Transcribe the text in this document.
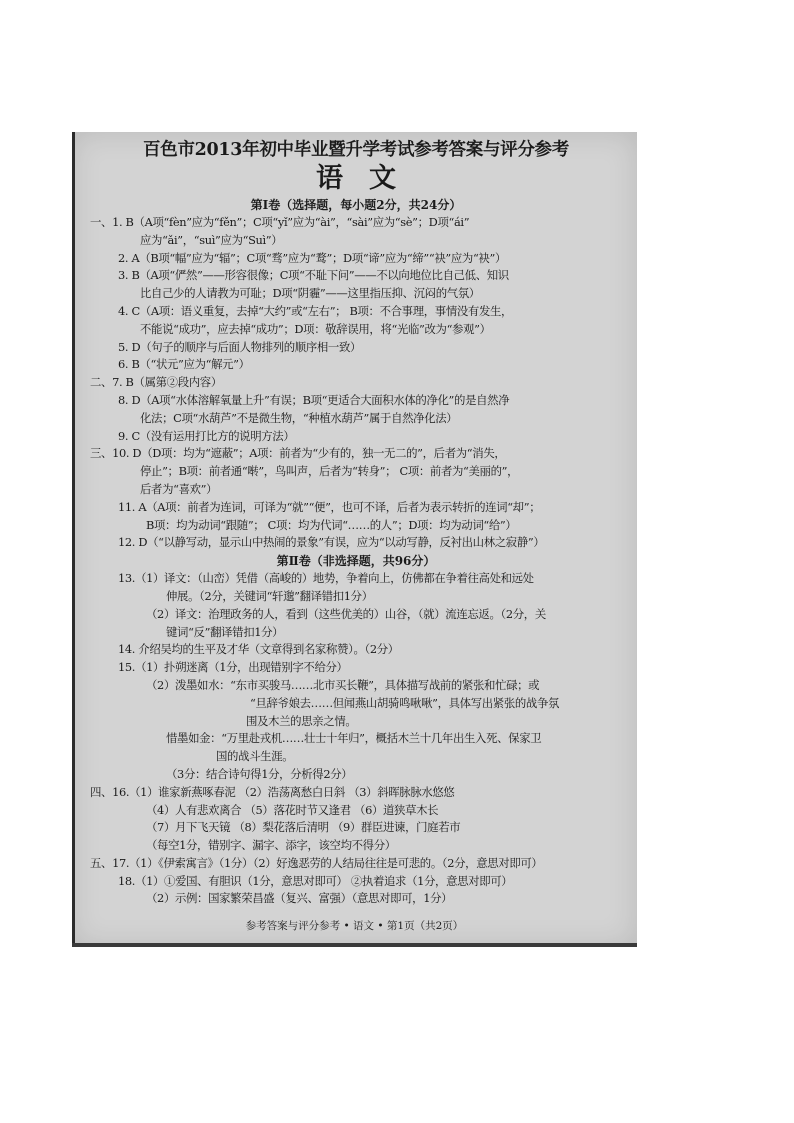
百色市2013年初中毕业暨升学考试参考答案与评分参考
语文
第Ⅰ卷（选择题，每小题2分，共24分）
一、1. B（A项“fèn”应为“fěn”；C项“yǐ”应为“ài”，“sài”应为“sè”；D项“ái”
应为“ǎi”，“suì”应为“Suì”）
2. A（B项“幅”应为“辐”；C项“骛”应为“鹜”；D项“谛”应为“缔”“袂”应为“袂”）
3. B（A项“俨然”——形容很像；C项“不耻下问”——不以向地位比自己低、知识
比自己少的人请教为可耻；D项“阴霾”——这里指压抑、沉闷的气氛）
4. C（A项：语义重复，去掉“大约”或“左右”； B项：不合事理，事情没有发生，
不能说“成功”，应去掉“成功”；D项：敬辞误用，将“光临”改为“参观”）
5. D（句子的顺序与后面人物排列的顺序相一致）
6. B（“状元”应为“解元”）
二、7. B（属第②段内容）
8. D（A项“水体溶解氧量上升”有误；B项“更适合大面积水体的净化”的是自然净
化法；C项“水葫芦”不是微生物，“种植水葫芦”属于自然净化法）
9. C（没有运用打比方的说明方法）
三、10. D（D项：均为“遮蔽”；A项：前者为“少有的，独一无二的”，后者为“消失，
停止”；B项：前者通“啭”，鸟叫声，后者为“转身”； C项：前者为“美丽的”，
后者为“喜欢”）
11. A（A项：前者为连词，可译为“就”“便”，也可不译，后者为表示转折的连词“却”；
B项：均为动词“跟随”； C项：均为代词“……的人”；D项：均为动词“给”）
12. D（“以静写动，显示山中热闹的景象”有误，应为“以动写静，反衬出山林之寂静”）
第Ⅱ卷（非选择题，共96分）
13.（1）译文：（山峦）凭借（高峻的）地势，争着向上，仿佛都在争着往高处和远处
伸展。（2分，关键词“轩邈”翻译错扣1分）
（2）译文：治理政务的人，看到（这些优美的）山谷，（就）流连忘返。（2分，关
键词“反”翻译错扣1分）
14. 介绍吴均的生平及才华（文章得到名家称赞）。（2分）
15.（1）扑朔迷离（1分，出现错别字不给分）
（2）泼墨如水：“东市买骏马……北市买长鞭”，具体描写战前的紧张和忙碌；或
“旦辞爷娘去……但闻燕山胡骑鸣啾啾”，具体写出紧张的战争氛
围及木兰的思亲之情。
惜墨如金：“万里赴戎机……壮士十年归”，概括木兰十几年出生入死、保家卫
国的战斗生涯。
（3分：结合诗句得1分，分析得2分）
四、16.（1）谁家新燕啄春泥 （2）浩荡离愁白日斜 （3）斜晖脉脉水悠悠
（4）人有悲欢离合 （5）落花时节又逢君 （6）道狭草木长
（7）月下飞天镜 （8）梨花落后清明 （9）群臣进谏，门庭若市
（每空1分，错别字、漏字、添字，该空均不得分）
五、17.（1）《伊索寓言》（1分）（2）好逸恶劳的人结局往往是可悲的。（2分，意思对即可）
18.（1）①爱国、有胆识（1分，意思对即可） ②执着追求（1分，意思对即可）
（2）示例：国家繁荣昌盛（复兴、富强）（意思对即可，1分）
参考答案与评分参考 • 语文 • 第1页（共2页）
